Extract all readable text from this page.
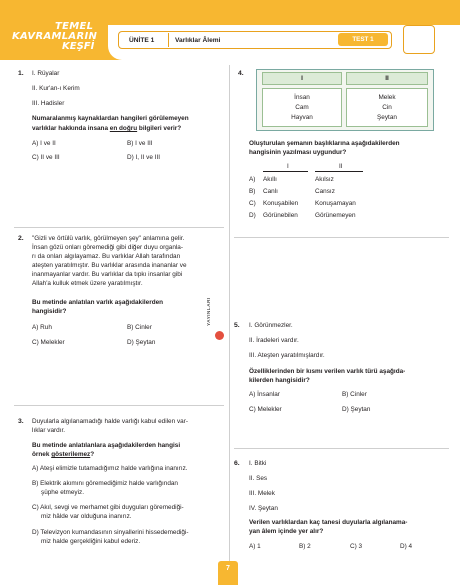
TEMEL
KAVRAMLARIN
KEŞFİ
ÜNİTE 1	Varlıklar Âlemi	TEST 1
1. I. Rüyalar
II. Kur'an-ı Kerim
III. Hadisler
Numaralanmış kaynaklardan hangileri görülemeyen
varlıklar hakkında insana en doğru bilgileri verir?
A) I ve II	B) I ve III
C) II ve III	D) I, II ve III
2. "Gizli ve örtülü varlık, görülmeyen şey" anlamına gelir.
İnsan gözü onları göremediği gibi diğer duyu organla-
rı da onları algılayamaz. Bu varlıklar Allah tarafından
ateşten yaratılmıştır. Bu varlıklar arasında inananlar ve
inanmayanlar vardır. Bu varlıklar da tıpkı insanlar gibi
Allah'a kulluk etmek üzere yaratılmıştır.
Bu metinde anlatılan varlık aşağıdakilerden
hangisidir?
A) Ruh	B) Cinler
C) Melekler	D) Şeytan
3. Duyularla algılanamadığı halde varlığı kabul edilen var-
lıklar vardır.
Bu metinde anlatılanlara aşağıdakilerden hangisi
örnek gösterilemez?
A) Ateşi elimizle tutamadığımız halde varlığına inanırız.
B) Elektrik akımını göremediğimiz halde varlığından
şüphe etmeyiz.
C) Akıl, sevgi ve merhamet gibi duyguları göremediği-
miz hâlde var olduğuna inanırız.
D) Televizyon kumandasının sinyallerini hissedemediği-
miz halde gerçekliğini kabul ederiz.
4.
I	II
İnsan
Cam
Hayvan
Melek
Cin
Şeytan
Oluşturulan şemanın başlıklarına aşağıdakilerden
hangisinin yazılması uygundur?
I	II
A) Akıllı	Akılsız
B) Canlı	Cansız
C) Konuşabilen	Konuşamayan
D) Görünebilen	Görünemeyen
YAYINLARI	5. I. Görünmezler.
II. İradeleri vardır.
III. Ateşten yaratılmışlardır.
Özelliklerinden bir kısmı verilen varlık türü aşağıda-
kilerden hangisidir?
A) İnsanlar	B) Cinler
C) Melekler	D) Şeytan
6. I. Bitki
II. Ses
III. Melek
IV. Şeytan
Verilen varlıklardan kaç tanesi duyularla algılanama-
yan âlem içinde yer alır?
A) 1	B) 2	C) 3	D) 4
7
